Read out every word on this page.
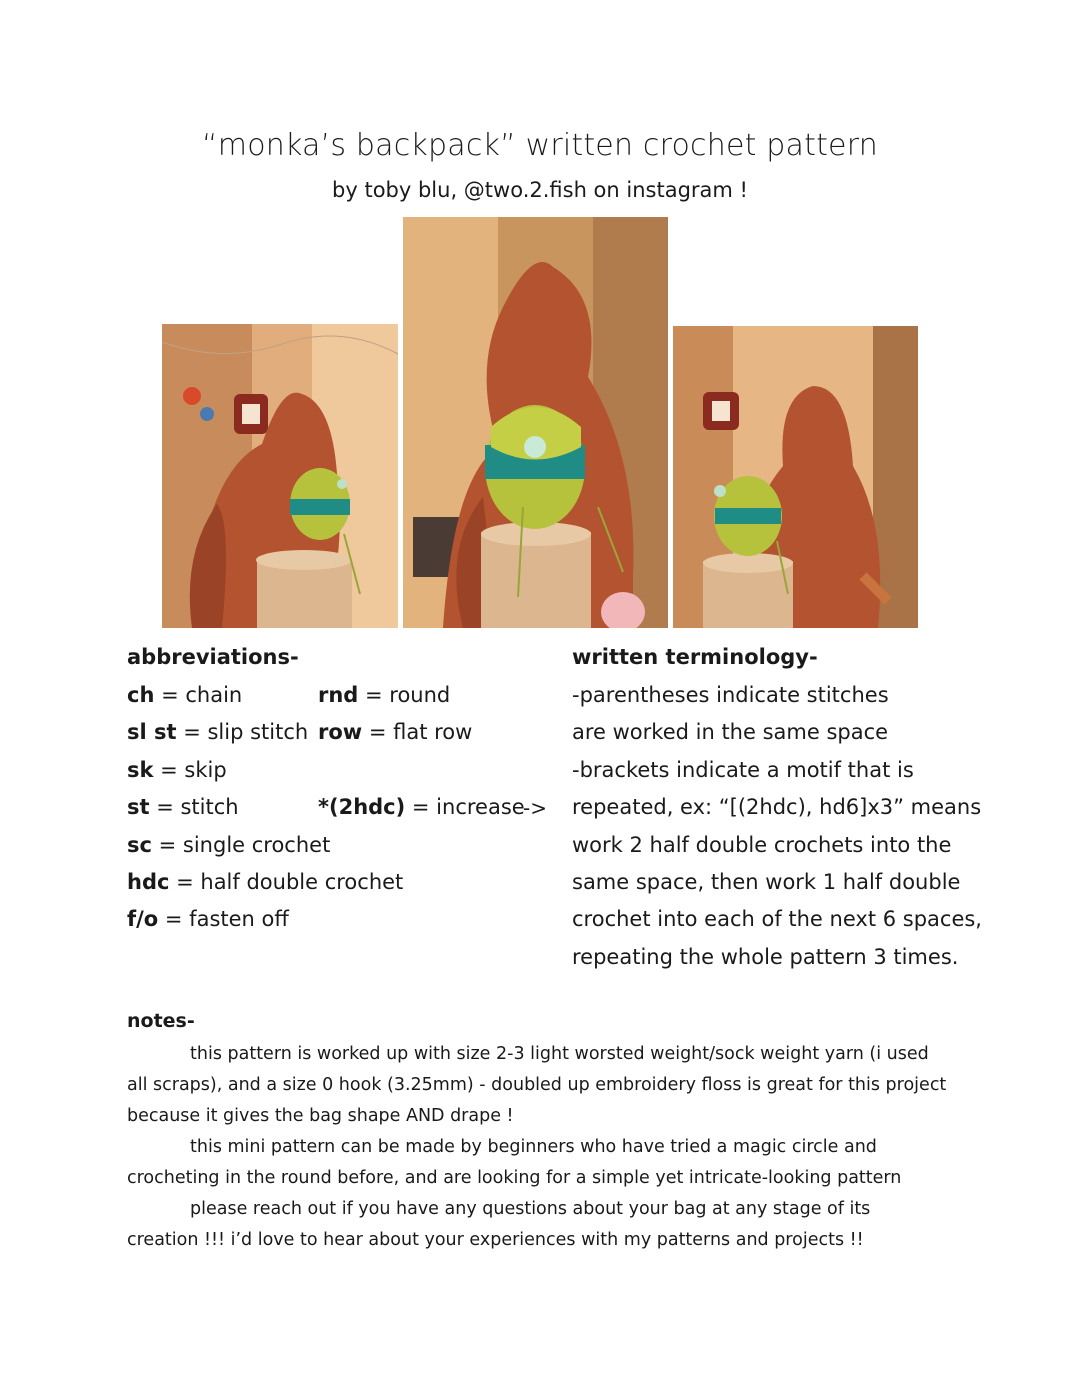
“monka’s backpack” written crochet pattern
by toby blu, @two.2.fish on instagram !
abbreviations-
ch = chain
sl st = slip stitch
sk = skip
st = stitch
sc = single crochet
hdc = half double crochet
f/o = fasten off
rnd = round
row = flat row
*(2hdc) = increase
->
written terminology-
-parentheses indicate stitches
are worked in the same space
-brackets indicate a motif that is
repeated, ex: “[(2hdc), hd6]x3” means
work 2 half double crochets into the
same space, then work 1 half double
crochet into each of the next 6 spaces,
repeating the whole pattern 3 times.
notes-

this pattern is worked up with size 2-3 light worsted weight/sock weight yarn (i used all scraps), and a size 0 hook (3.25mm) - doubled up embroidery floss is great for this project because it gives the bag shape AND drape !

this mini pattern can be made by beginners who have tried a magic circle and crocheting in the round before, and are looking for a simple yet intricate-looking pattern

please reach out if you have any questions about your bag at any stage of its creation !!! i’d love to hear about your experiences with my patterns and projects !!
